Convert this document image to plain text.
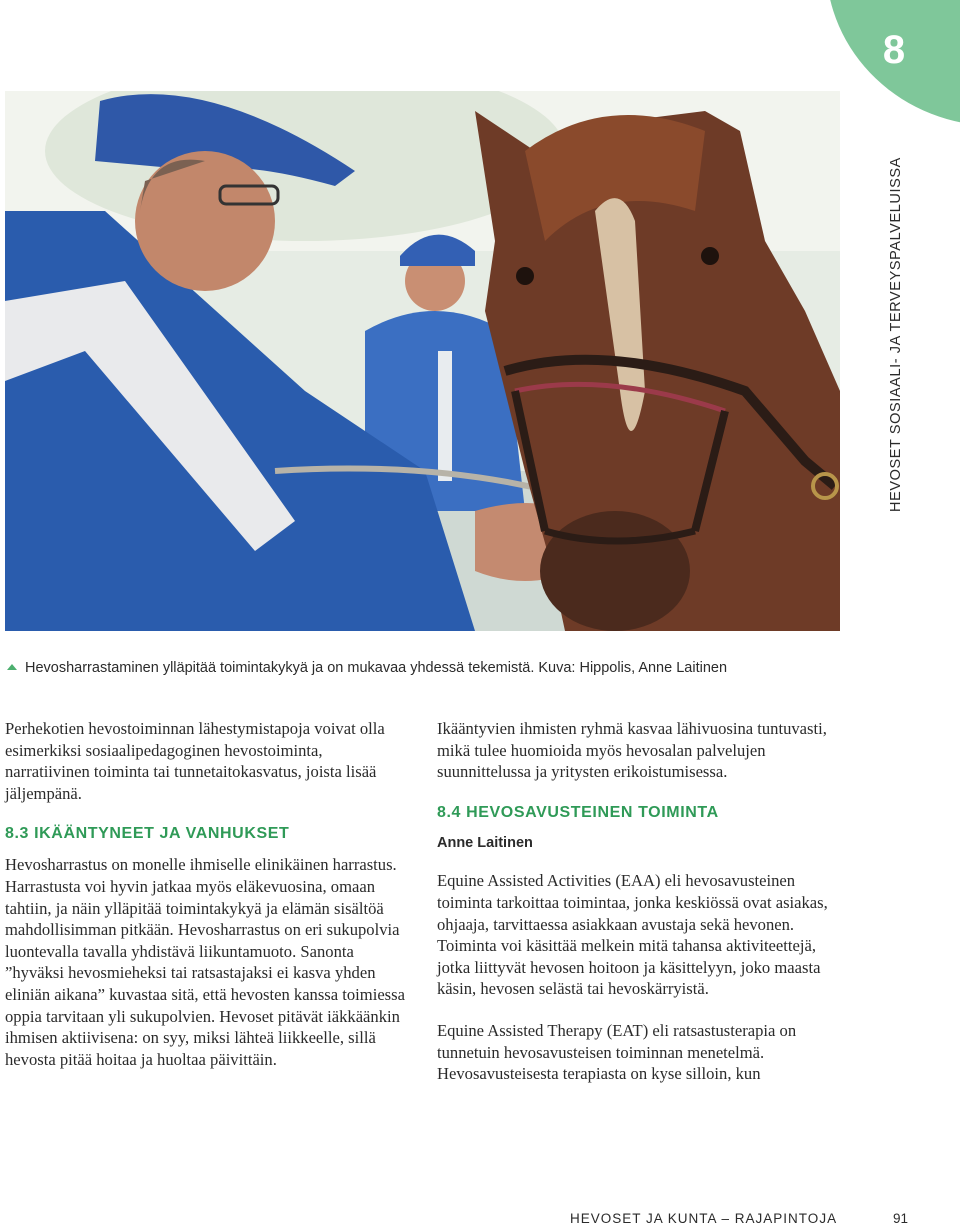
8
HEVOSET SOSIAALI- JA TERVEYSPALVELUISSA
Hevosharrastaminen ylläpitää toimintakykyä ja on mukavaa yhdessä tekemistä. Kuva: Hippolis, Anne Laitinen

Perhekotien hevostoiminnan lähestymistapoja voivat olla esimerkiksi sosiaalipedagoginen hevostoiminta, narratiivinen toiminta tai tunnetaitokasvatus, joista lisää jäljempänä.

8.3 IKÄÄNTYNEET JA VANHUKSET

Hevosharrastus on monelle ihmiselle elinikäinen harrastus. Harrastusta voi hyvin jatkaa myös eläkevuosina, omaan tahtiin, ja näin ylläpitää toimintakykyä ja elämän sisältöä mahdollisimman pitkään. Hevosharrastus on eri sukupolvia luontevalla tavalla yhdistävä liikuntamuoto. Sanonta ”hyväksi hevosmieheksi tai ratsastajaksi ei kasva yhden eliniän aikana” kuvastaa sitä, että hevosten kanssa toimiessa oppia tarvitaan yli sukupolvien. Hevoset pitävät iäkkäänkin ihmisen aktiivisena: on syy, miksi lähteä liikkeelle, sillä hevosta pitää hoitaa ja huoltaa päivittäin.

Ikääntyvien ihmisten ryhmä kasvaa lähivuosina tuntuvasti, mikä tulee huomioida myös hevosalan palvelujen suunnittelussa ja yritysten erikoistumisessa.

8.4 HEVOSAVUSTEINEN TOIMINTA
Anne Laitinen

Equine Assisted Activities (EAA) eli hevosavusteinen toiminta tarkoittaa toimintaa, jonka keskiössä ovat asiakas, ohjaaja, tarvittaessa asiakkaan avustaja sekä hevonen. Toiminta voi käsittää melkein mitä tahansa aktiviteettejä, jotka liittyvät hevosen hoitoon ja käsittelyyn, joko maasta käsin, hevosen selästä tai hevoskärryistä.

Equine Assisted Therapy (EAT) eli ratsastusterapia on tunnetuin hevosavusteisen toiminnan menetelmä. Hevosavusteisesta terapiasta on kyse silloin, kun

HEVOSET JA KUNTA – RAJAPINTOJA	91
